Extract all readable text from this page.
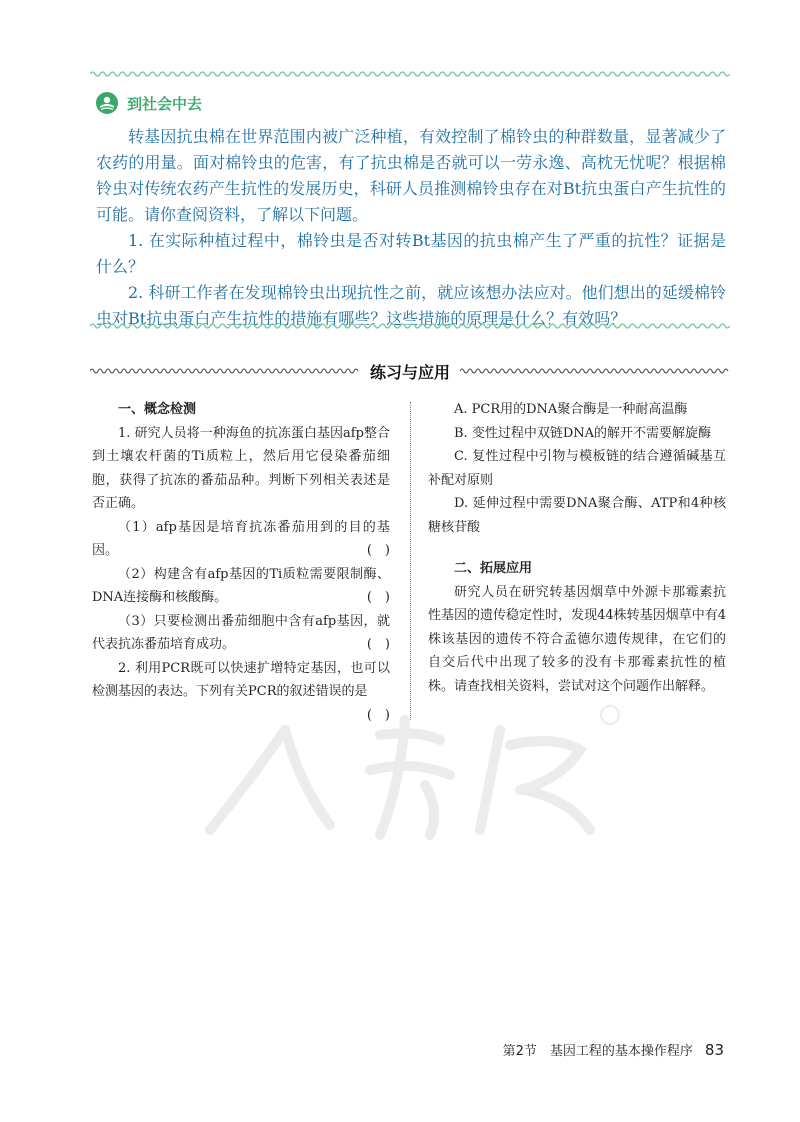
到社会中去

转基因抗虫棉在世界范围内被广泛种植，有效控制了棉铃虫的种群数量，显著减少了农药的用量。面对棉铃虫的危害，有了抗虫棉是否就可以一劳永逸、高枕无忧呢？根据棉铃虫对传统农药产生抗性的发展历史，科研人员推测棉铃虫存在对Bt抗虫蛋白产生抗性的可能。请你查阅资料，了解以下问题。

1. 在实际种植过程中，棉铃虫是否对转Bt基因的抗虫棉产生了严重的抗性？证据是什么？

2. 科研工作者在发现棉铃虫出现抗性之前，就应该想办法应对。他们想出的延缓棉铃虫对Bt抗虫蛋白产生抗性的措施有哪些？这些措施的原理是什么？有效吗？

练习与应用

一、概念检测

1. 研究人员将一种海鱼的抗冻蛋白基因afp整合到土壤农杆菌的Ti质粒上，然后用它侵染番茄细胞，获得了抗冻的番茄品种。判断下列相关表述是否正确。

（1）afp基因是培育抗冻番茄用到的目的基因。	(　)

（2）构建含有afp基因的Ti质粒需要限制酶、DNA连接酶和核酸酶。	(　)

（3）只要检测出番茄细胞中含有afp基因，就代表抗冻番茄培育成功。	(　)

2. 利用PCR既可以快速扩增特定基因，也可以检测基因的表达。下列有关PCR的叙述错误的是
(　)

A. PCR用的DNA聚合酶是一种耐高温酶

B. 变性过程中双链DNA的解开不需要解旋酶

C. 复性过程中引物与模板链的结合遵循碱基互补配对原则

D. 延伸过程中需要DNA聚合酶、ATP和4种核糖核苷酸

二、拓展应用

研究人员在研究转基因烟草中外源卡那霉素抗性基因的遗传稳定性时，发现44株转基因烟草中有4株该基因的遗传不符合孟德尔遗传规律，在它们的自交后代中出现了较多的没有卡那霉素抗性的植株。请查找相关资料，尝试对这个问题作出解释。

第2节　基因工程的基本操作程序 83
